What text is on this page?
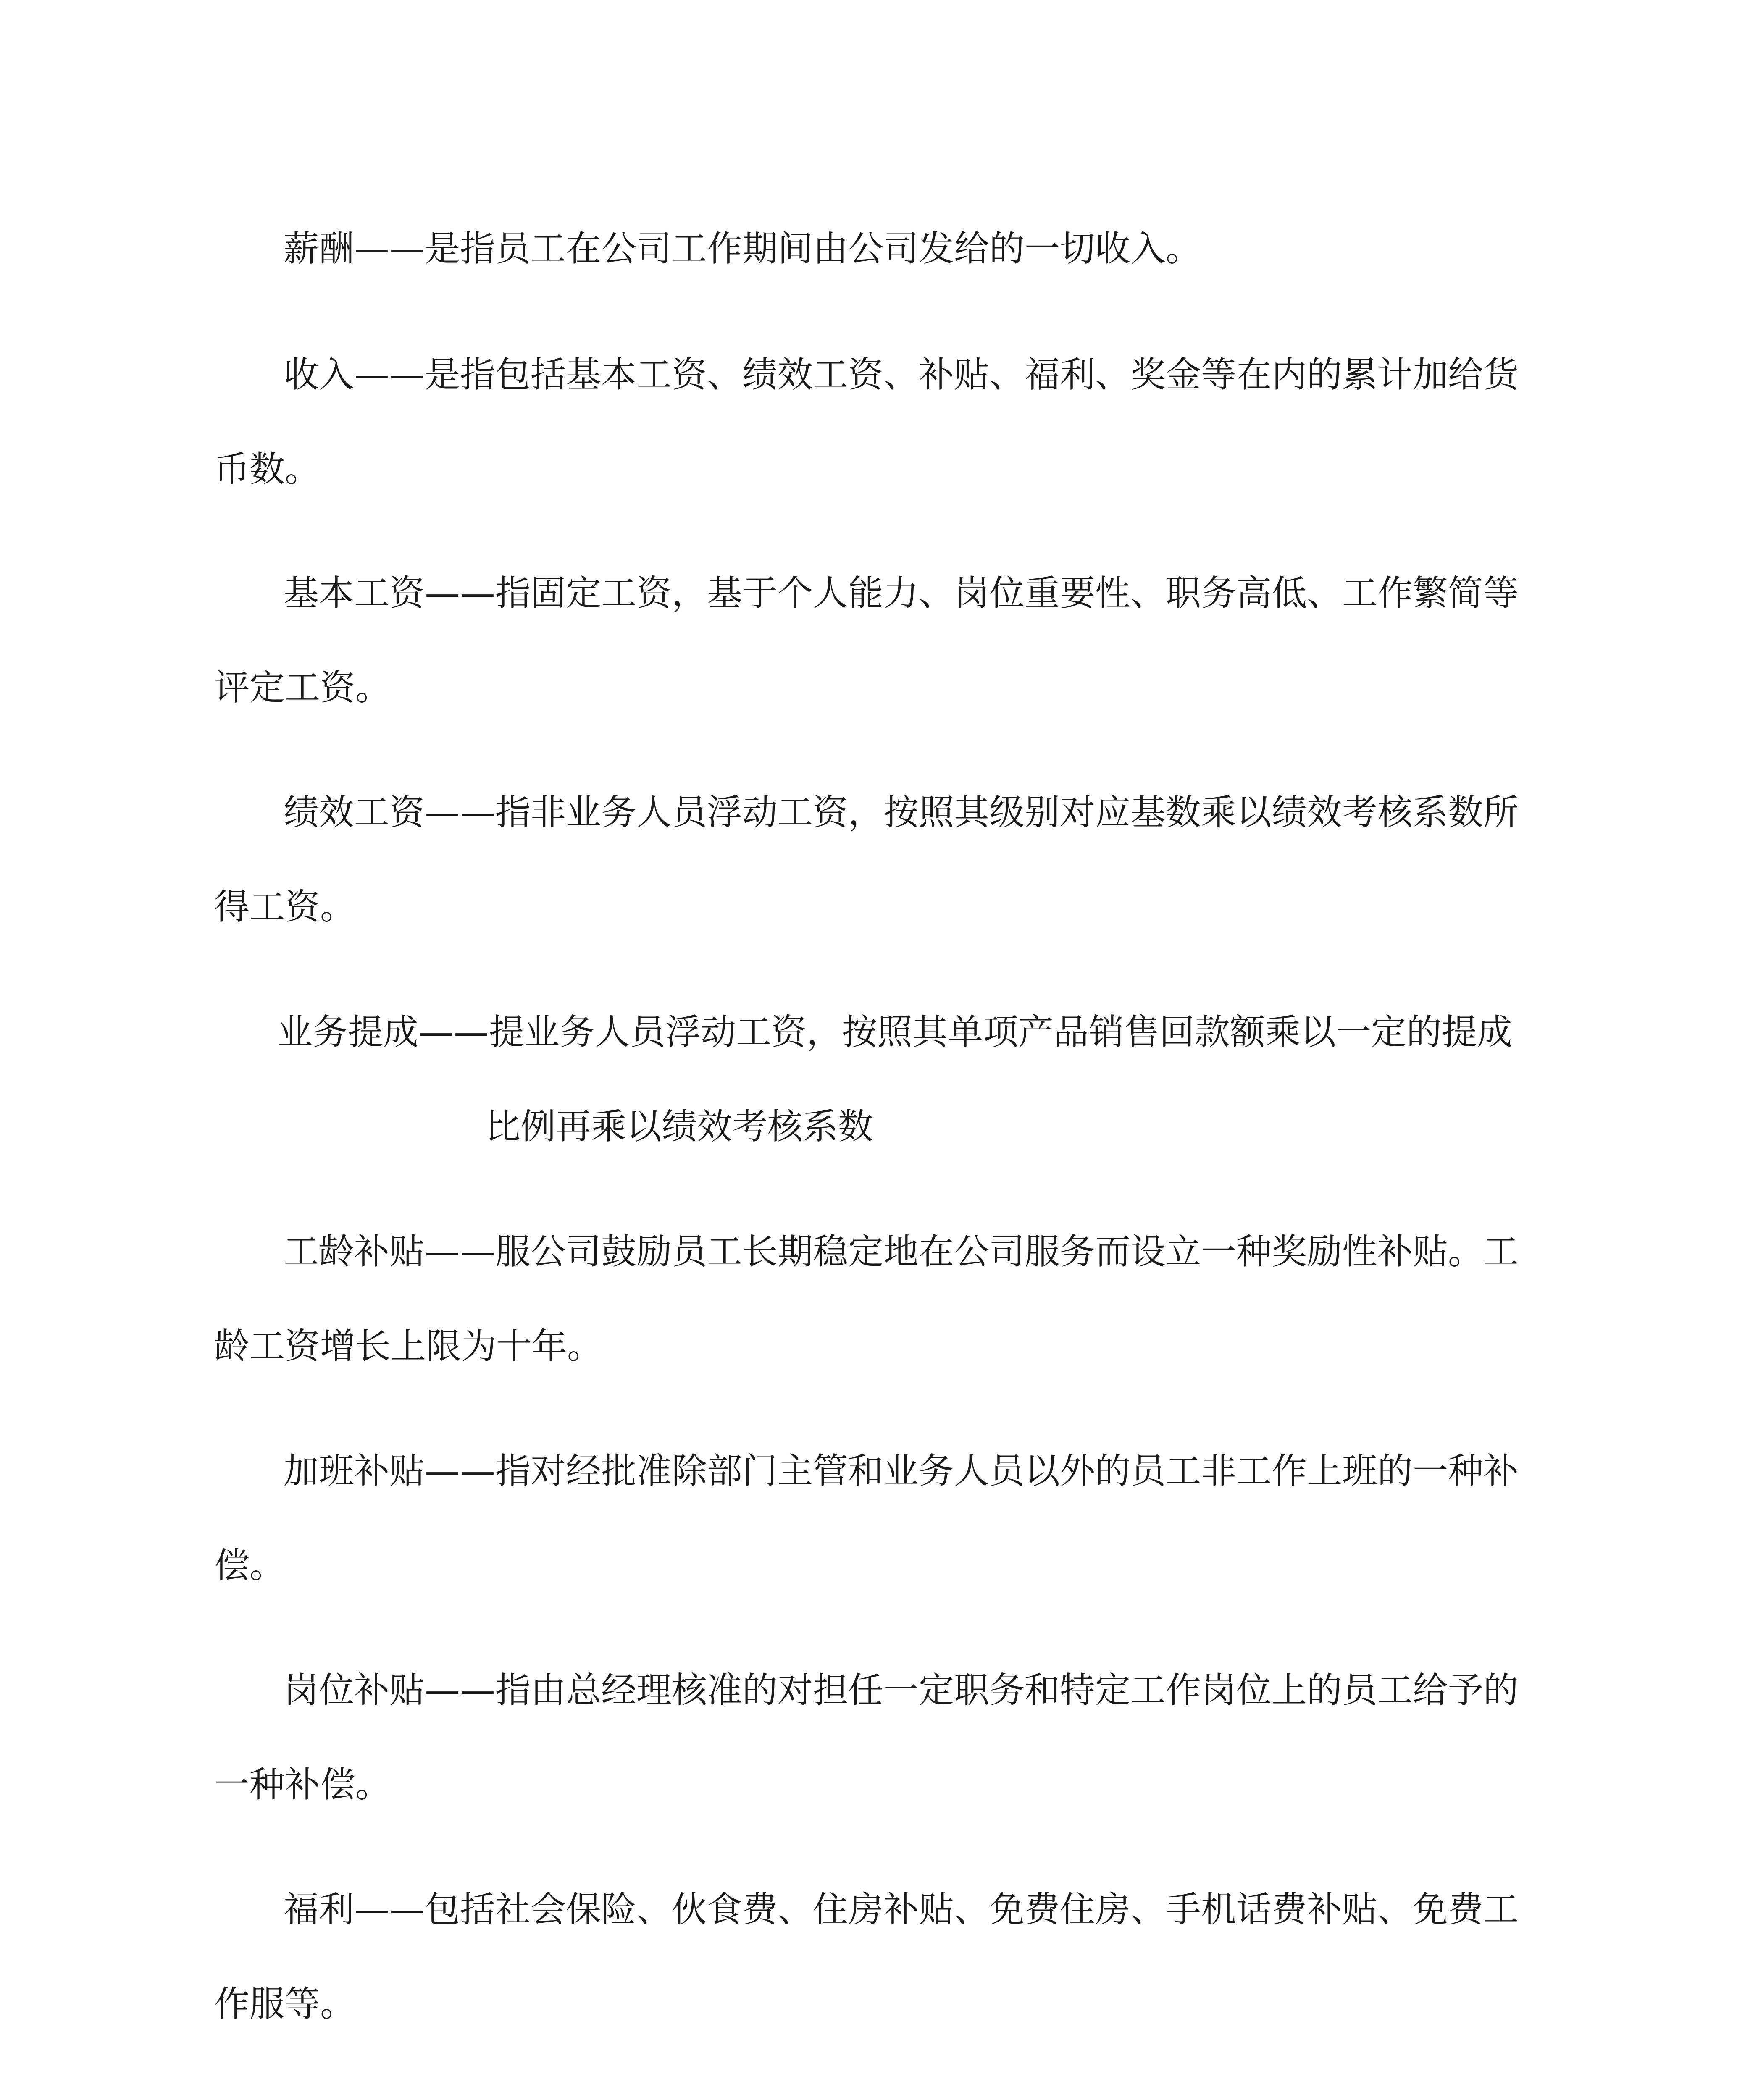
薪酬——是指员工在公司工作期间由公司发给的一切收入。
收入——是指包括基本工资、绩效工资、补贴、福利、奖金等在内的累计加给货币数。
基本工资——指固定工资，基于个人能力、岗位重要性、职务高低、工作繁简等评定工资。
绩效工资——指非业务人员浮动工资，按照其级别对应基数乘以绩效考核系数所得工资。
业务提成——提业务人员浮动工资，按照其单项产品销售回款额乘以一定的提成
比例再乘以绩效考核系数
工龄补贴——服公司鼓励员工长期稳定地在公司服务而设立一种奖励性补贴。工龄工资增长上限为十年。
加班补贴——指对经批准除部门主管和业务人员以外的员工非工作上班的一种补偿。
岗位补贴——指由总经理核准的对担任一定职务和特定工作岗位上的员工给予的一种补偿。
福利——包括社会保险、伙食费、住房补贴、免费住房、手机话费补贴、免费工作服等。
